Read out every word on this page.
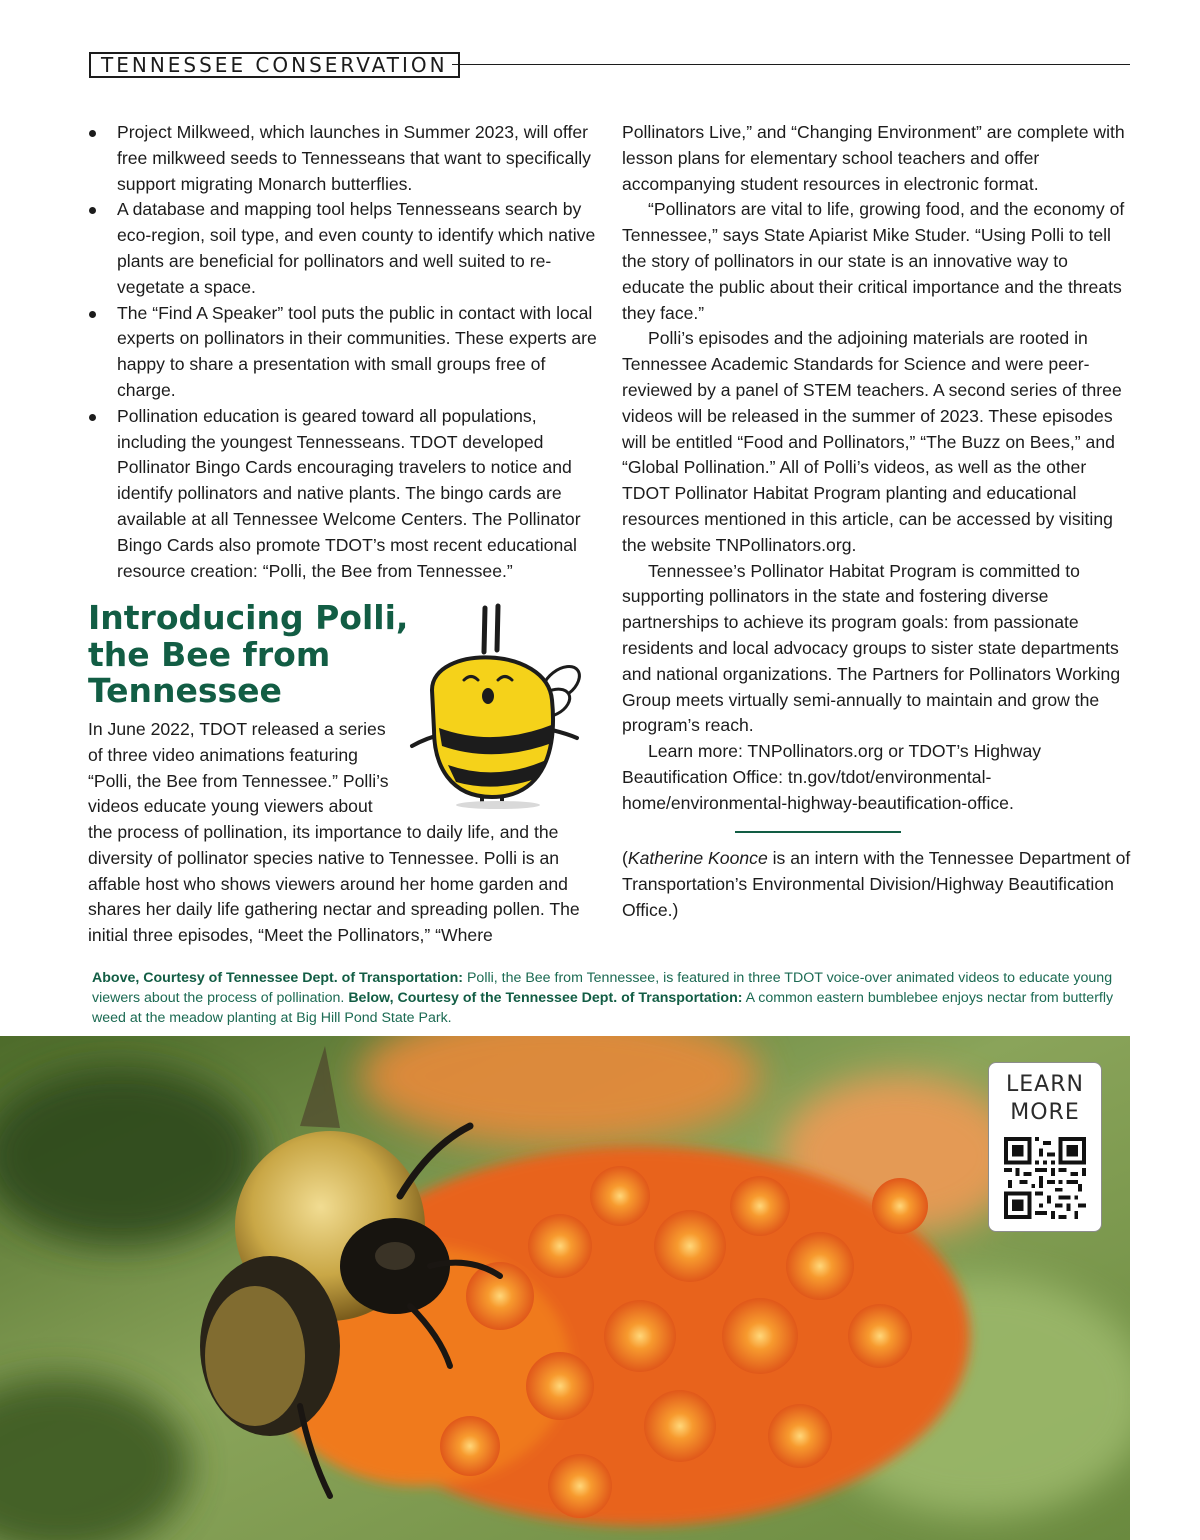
TENNESSEE CONSERVATION
Project Milkweed, which launches in Summer 2023, will offer free milkweed seeds to Tennesseans that want to specifically support migrating Monarch butterflies.
A database and mapping tool helps Tennesseans search by eco-region, soil type, and even county to identify which native plants are beneficial for pollinators and well suited to re-vegetate a space.
The “Find A Speaker” tool puts the public in contact with local experts on pollinators in their communities. These experts are happy to share a presentation with small groups free of charge.
Pollination education is geared toward all populations, including the youngest Tennesseans. TDOT developed Pollinator Bingo Cards encouraging travelers to notice and identify pollinators and native plants. The bingo cards are available at all Tennessee Welcome Centers. The Pollinator Bingo Cards also promote TDOT’s most recent educational resource creation: “Polli, the Bee from Tennessee.”
Introducing Polli, the Bee from Tennessee

In June 2022, TDOT released a series of three video animations featuring “Polli, the Bee from Tennessee.” Polli’s videos educate young viewers about

the process of pollination, its importance to daily life, and the diversity of pollinator species native to Tennessee. Polli is an affable host who shows viewers around her home garden and shares her daily life gathering nectar and spreading pollen. The initial three episodes, “Meet the Pollinators,” “Where

Pollinators Live,” and “Changing Environment” are complete with lesson plans for elementary school teachers and offer accompanying student resources in electronic format.

“Pollinators are vital to life, growing food, and the economy of Tennessee,” says State Apiarist Mike Studer. “Using Polli to tell the story of pollinators in our state is an innovative way to educate the public about their critical importance and the threats they face.”

Polli’s episodes and the adjoining materials are rooted in Tennessee Academic Standards for Science and were peer-reviewed by a panel of STEM teachers. A second series of three videos will be released in the summer of 2023. These episodes will be entitled “Food and Pollinators,” “The Buzz on Bees,” and “Global Pollination.” All of Polli’s videos, as well as the other TDOT Pollinator Habitat Program planting and educational resources mentioned in this article, can be accessed by visiting the website TNPollinators.org.

Tennessee’s Pollinator Habitat Program is committed to supporting pollinators in the state and fostering diverse partnerships to achieve its program goals: from passionate residents and local advocacy groups to sister state departments and national organizations. The Partners for Pollinators Working Group meets virtually semi-annually to maintain and grow the program’s reach.

Learn more: TNPollinators.org or TDOT’s Highway Beautification Office: tn.gov/tdot/environmental-home/environmental-highway-beautification-office.

(Katherine Koonce is an intern with the Tennessee Department of Transportation’s Environmental Division/Highway Beautification Office.)

Above, Courtesy of Tennessee Dept. of Transportation: Polli, the Bee from Tennessee, is featured in three TDOT voice-over animated videos to educate young viewers about the process of pollination. Below, Courtesy of the Tennessee Dept. of Transportation: A common eastern bumblebee enjoys nectar from butterfly weed at the meadow planting at Big Hill Pond State Park.

LEARN
MORE
